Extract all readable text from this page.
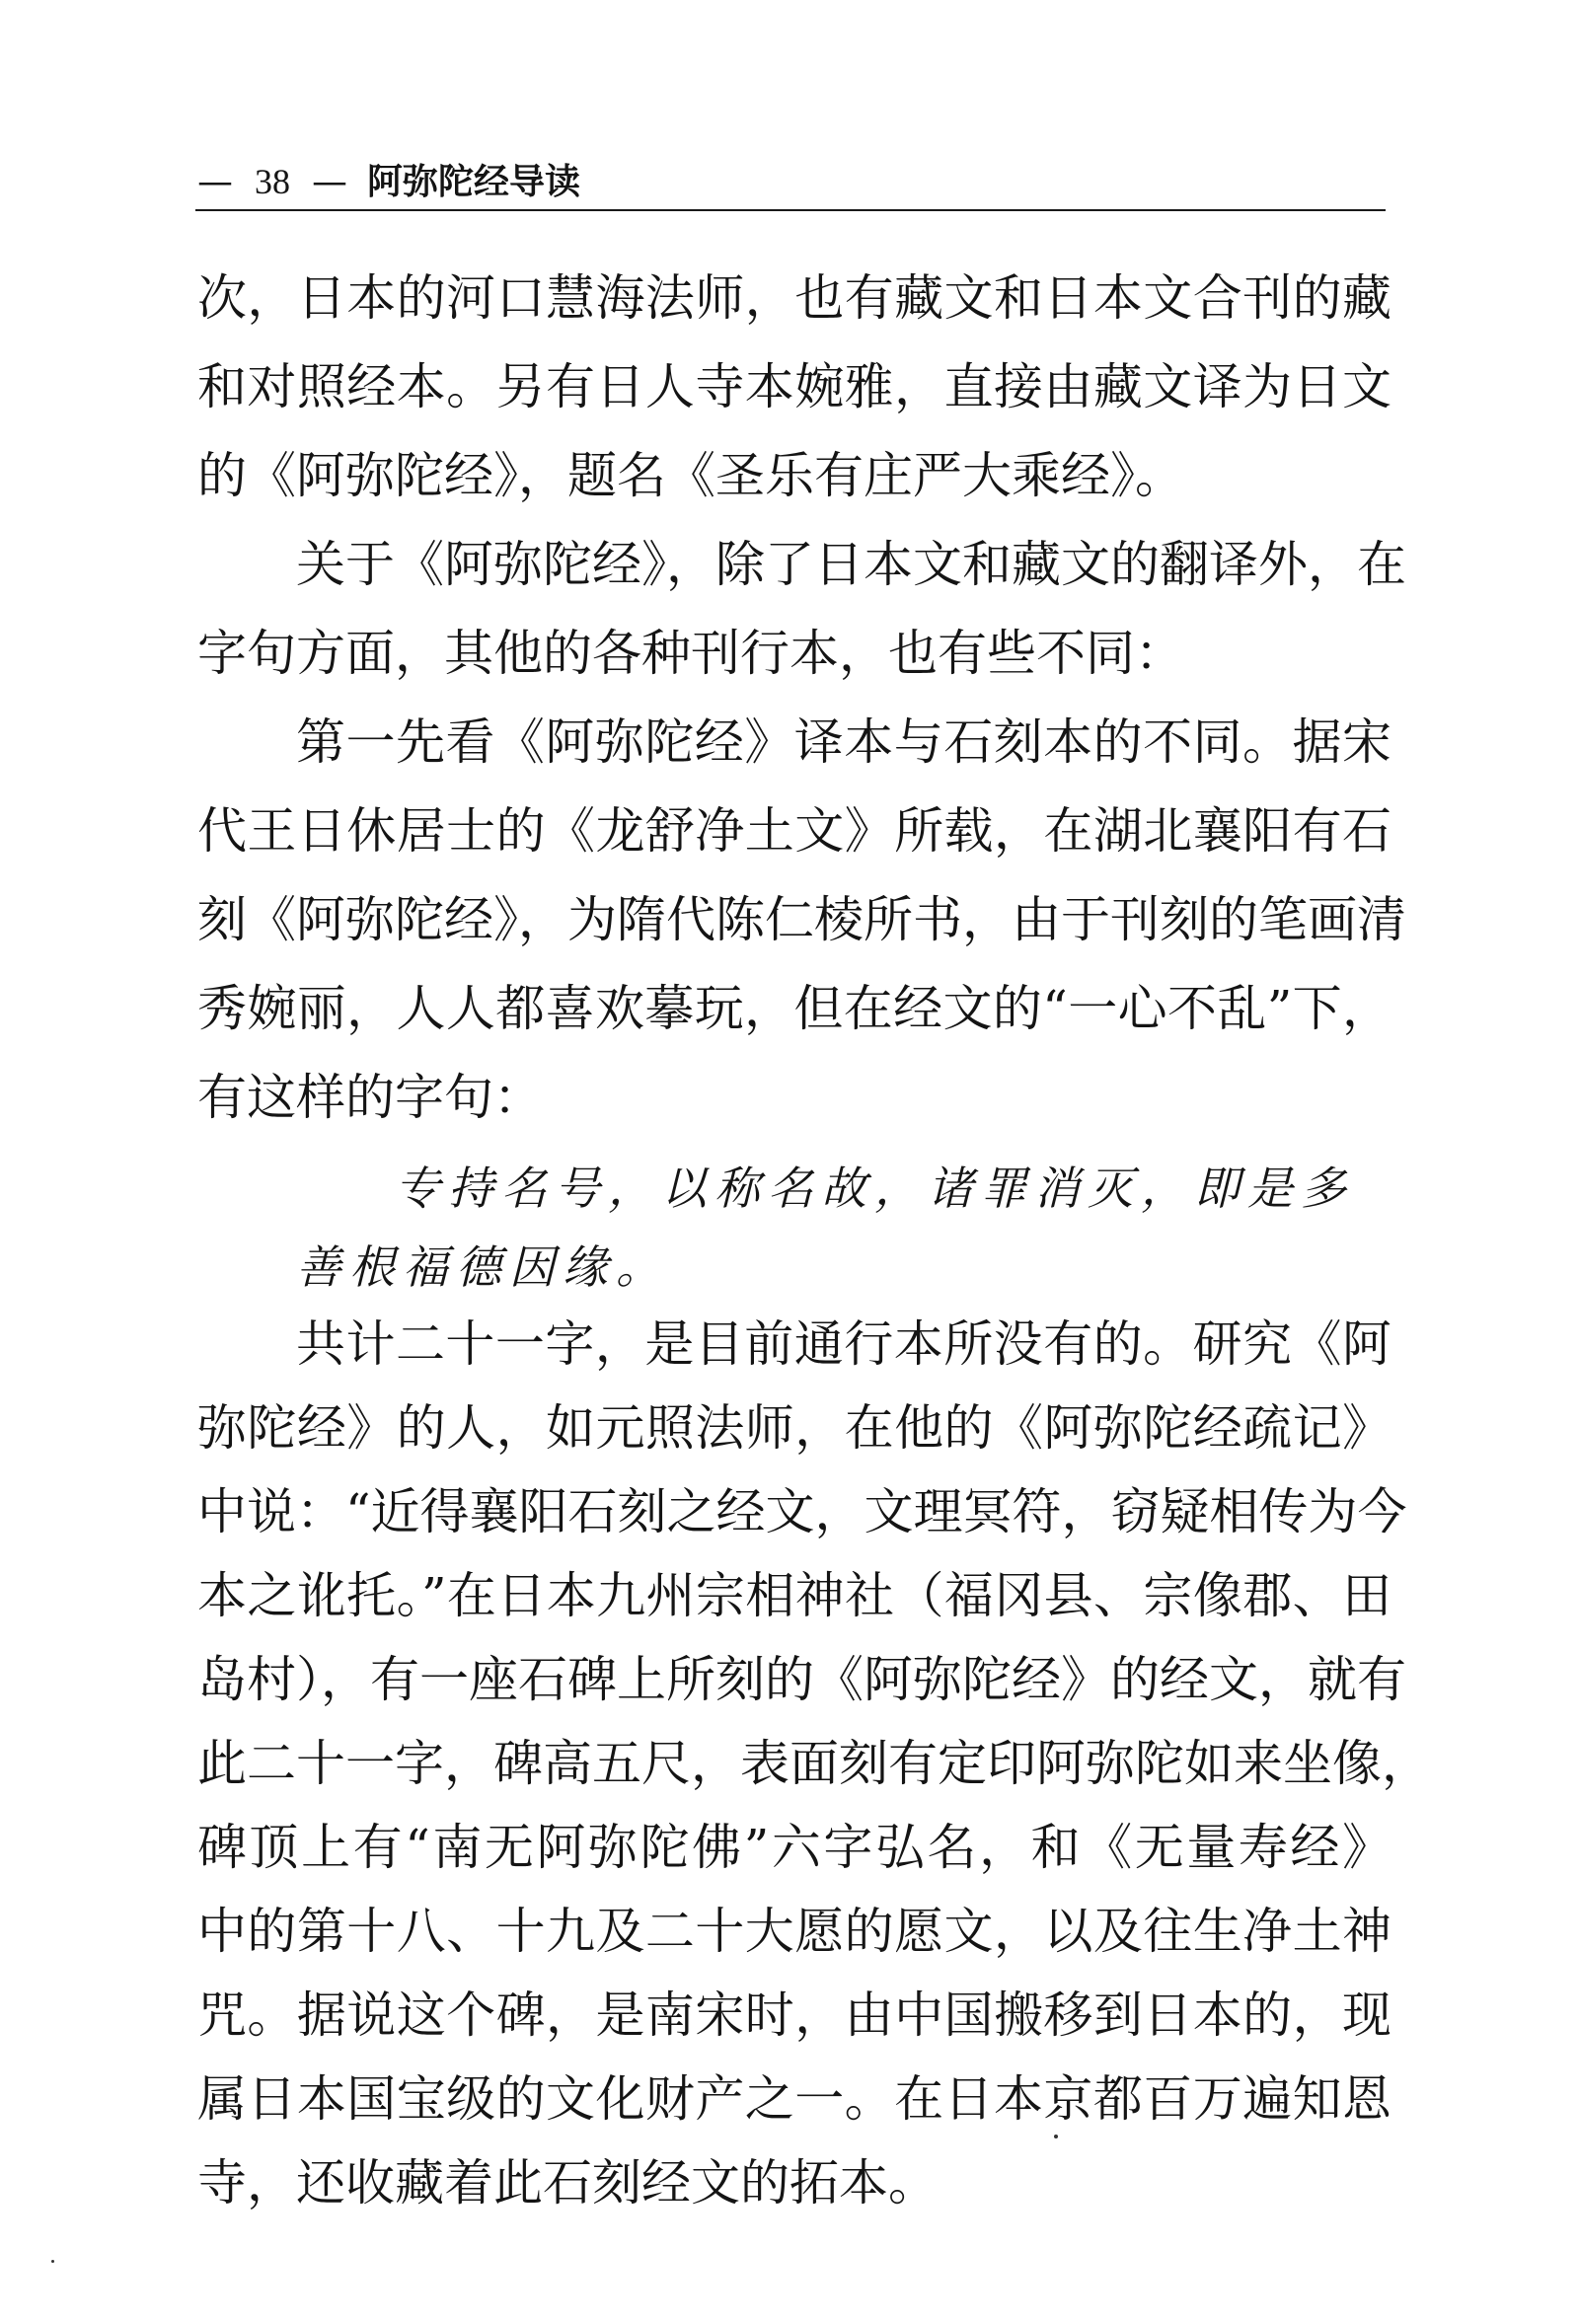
— 38 — 阿弥陀经导读
次，日本的河口慧海法师，也有藏文和日本文合刊的藏
和对照经本。另有日人寺本婉雅，直接由藏文译为日文
的《阿弥陀经》，题名《圣乐有庄严大乘经》。
关于《阿弥陀经》，除了日本文和藏文的翻译外，在
字句方面，其他的各种刊行本，也有些不同：
第一先看《阿弥陀经》译本与石刻本的不同。据宋
代王日休居士的《龙舒净土文》所载，在湖北襄阳有石
刻《阿弥陀经》，为隋代陈仁棱所书，由于刊刻的笔画清
秀婉丽，人人都喜欢摹玩，但在经文的“一心不乱”下，
有这样的字句：
专持名号，以称名故，诸罪消灭，即是多
善根福德因缘。
共计二十一字，是目前通行本所没有的。研究《阿
弥陀经》的人，如元照法师，在他的《阿弥陀经疏记》
中说：“近得襄阳石刻之经文，文理冥符，窃疑相传为今
本之讹托。”在日本九州宗相神社（福冈县、宗像郡、田
岛村），有一座石碑上所刻的《阿弥陀经》的经文，就有
此二十一字，碑高五尺，表面刻有定印阿弥陀如来坐像，
碑顶上有“南无阿弥陀佛”六字弘名，和《无量寿经》
中的第十八、十九及二十大愿的愿文，以及往生净土神
咒。据说这个碑，是南宋时，由中国搬移到日本的，现
属日本国宝级的文化财产之一。在日本京都百万遍知恩
寺，还收藏着此石刻经文的拓本。
